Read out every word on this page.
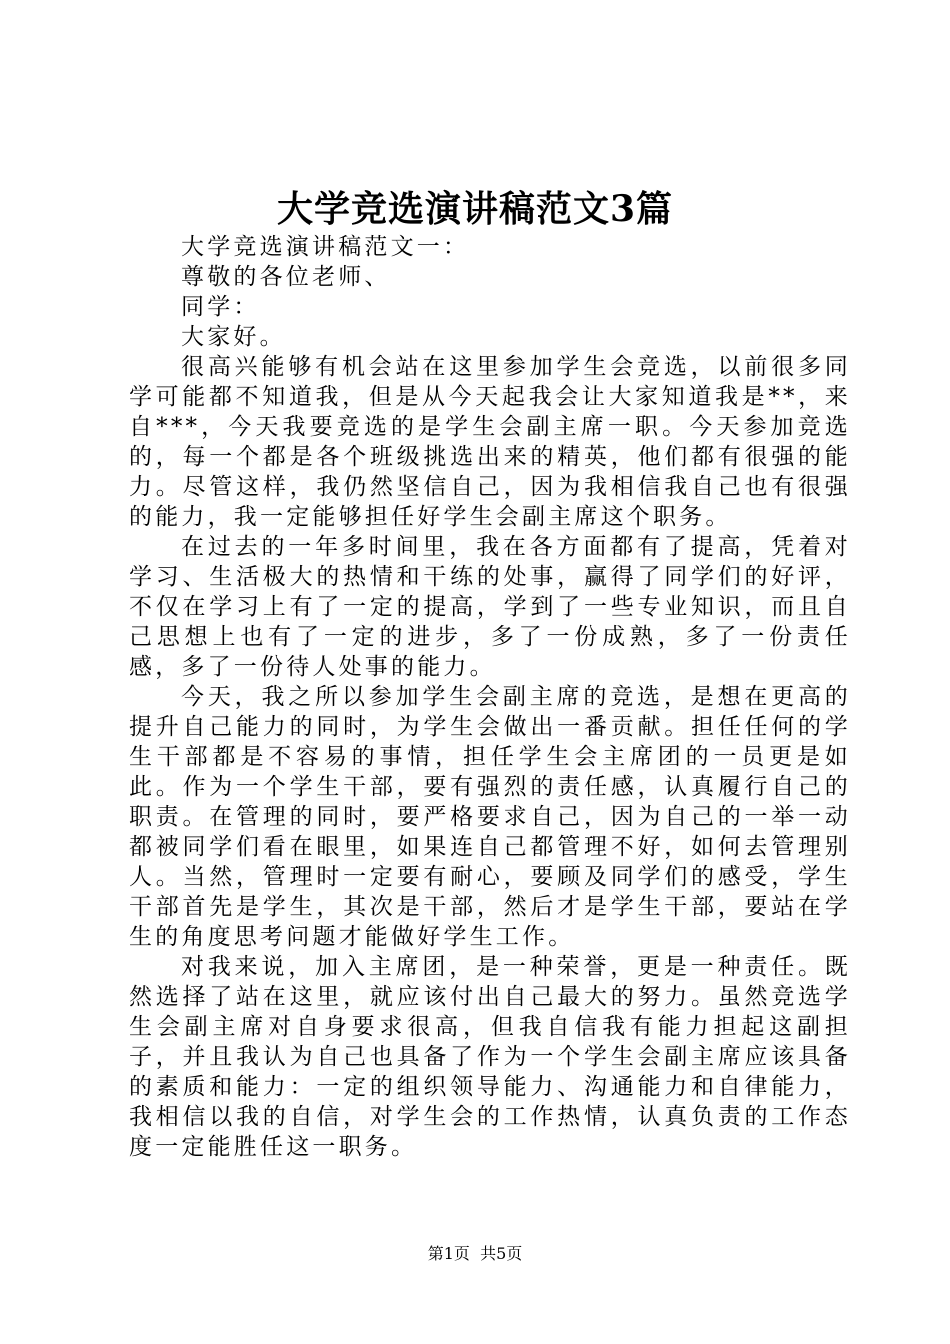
大学竞选演讲稿范文3篇

大学竞选演讲稿范文一：

尊敬的各位老师、

同学：

大家好。

很高兴能够有机会站在这里参加学生会竞选，以前很多同学可能都不知道我，但是从今天起我会让大家知道我是**，来自***，今天我要竞选的是学生会副主席一职。今天参加竞选的，每一个都是各个班级挑选出来的精英，他们都有很强的能力。尽管这样，我仍然坚信自己，因为我相信我自己也有很强的能力，我一定能够担任好学生会副主席这个职务。

在过去的一年多时间里，我在各方面都有了提高，凭着对学习、生活极大的热情和干练的处事，赢得了同学们的好评，不仅在学习上有了一定的提高，学到了一些专业知识，而且自己思想上也有了一定的进步，多了一份成熟，多了一份责任感，多了一份待人处事的能力。

今天，我之所以参加学生会副主席的竞选，是想在更高的提升自己能力的同时，为学生会做出一番贡献。担任任何的学生干部都是不容易的事情，担任学生会主席团的一员更是如此。作为一个学生干部，要有强烈的责任感，认真履行自己的职责。在管理的同时，要严格要求自己，因为自己的一举一动都被同学们看在眼里，如果连自己都管理不好，如何去管理别人。当然，管理时一定要有耐心，要顾及同学们的感受，学生干部首先是学生，其次是干部，然后才是学生干部，要站在学生的角度思考问题才能做好学生工作。

对我来说，加入主席团，是一种荣誉，更是一种责任。既然选择了站在这里，就应该付出自己最大的努力。虽然竞选学生会副主席对自身要求很高，但我自信我有能力担起这副担子，并且我认为自己也具备了作为一个学生会副主席应该具备的素质和能力：一定的组织领导能力、沟通能力和自律能力，我相信以我的自信，对学生会的工作热情，认真负责的工作态度一定能胜任这一职务。

第1页 共5页
